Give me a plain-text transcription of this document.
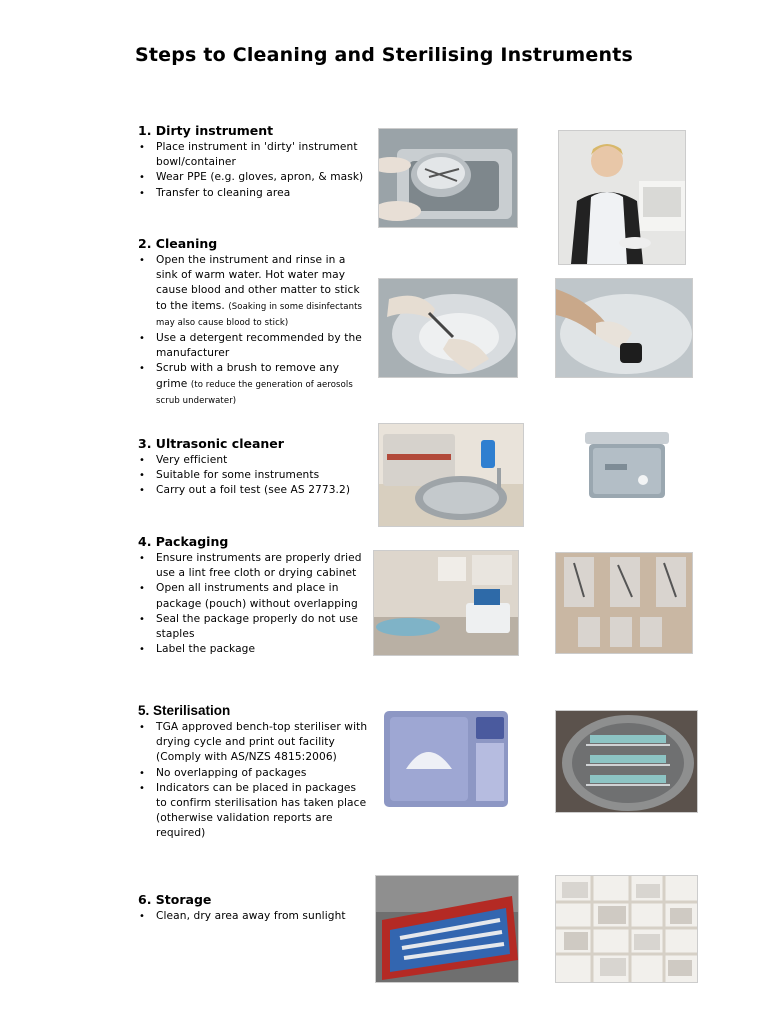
Steps to Cleaning and Sterilising Instruments
1. Dirty instrument
• Place instrument in 'dirty' instrument bowl/container
• Wear PPE (e.g. gloves, apron, & mask)
• Transfer to cleaning area
2. Cleaning
• Open the instrument and rinse in a sink of warm water. Hot water may cause blood and other matter to stick to the items. (Soaking in some disinfectants may also cause blood to stick)
• Use a detergent recommended by the manufacturer
• Scrub with a brush to remove any grime (to reduce the generation of aerosols scrub underwater)
3. Ultrasonic cleaner
• Very efficient
• Suitable for some instruments
• Carry out a foil test (see AS 2773.2)
4. Packaging
• Ensure instruments are properly dried use a lint free cloth or drying cabinet
• Open all instruments and place in package (pouch) without overlapping
• Seal the package properly do not use staples
• Label the package
5. Sterilisation
• TGA approved bench-top steriliser with drying cycle and print out facility (Comply with AS/NZS 4815:2006)
• No overlapping of packages
• Indicators can be placed in packages to confirm sterilisation has taken place (otherwise validation reports are required)
6. Storage
• Clean, dry area away from sunlight
